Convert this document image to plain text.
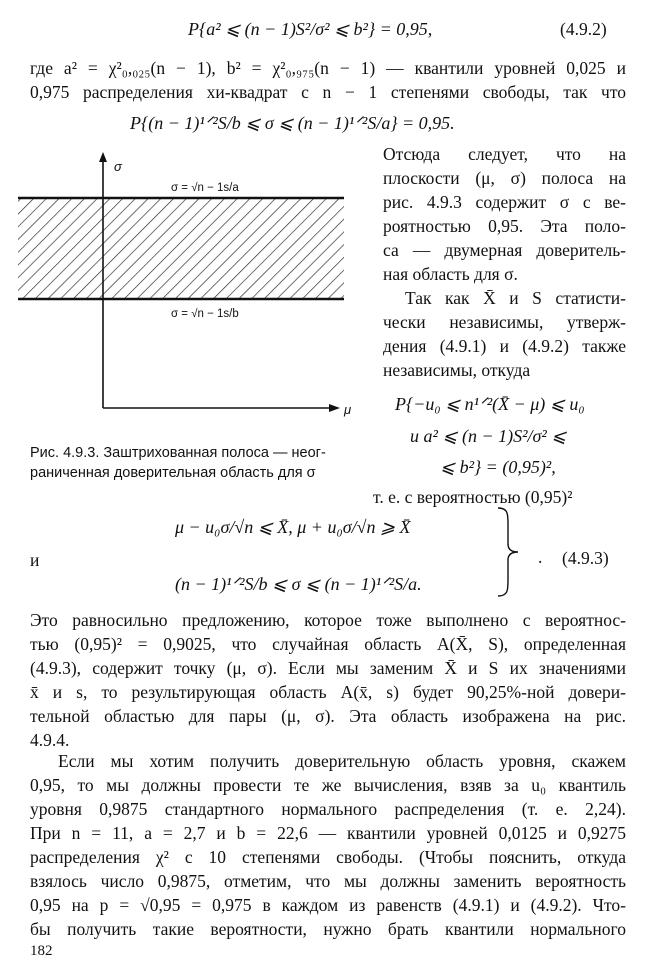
P{a² ⩽ (n − 1)S²/σ² ⩽ b²} = 0,95,	(4.9.2)
где a² = χ²₀,₀₂₅(n − 1), b² = χ²₀,₉₇₅(n − 1) — квантили уровней 0,025 и
0,975 распределения хи-квадрат с n − 1 степенями свободы, так что
P{(n − 1)¹ᐟ²S/b ⩽ σ ⩽ (n − 1)¹ᐟ²S/a} = 0,95.
σ = √n − 1s/a
σ = √n − 1s/b
σ
μ
Рис. 4.9.3. Заштрихованная полоса — неог-
раниченная доверительная область для σ
Отсюда следует, что на
плоскости (μ, σ) полоса на
рис. 4.9.3 содержит σ с ве-
роятностью 0,95. Эта поло-
са — двумерная доверитель-
ная область для σ.
Так как X̄ и S статисти-
чески независимы, утверж-
дения (4.9.1) и (4.9.2) также
независимы, откуда
P{−u₀ ⩽ n¹ᐟ²(X̄ − μ) ⩽ u₀
и a² ⩽ (n − 1)S²/σ² ⩽
⩽ b²} = (0,95)²,
т. е. с вероятностью (0,95)²
и
μ − u₀σ/√n ⩽ X̄, μ + u₀σ/√n ⩾ X̄
(n − 1)¹ᐟ²S/b ⩽ σ ⩽ (n − 1)¹ᐟ²S/a.
. (4.9.3)
Это равносильно предложению, которое тоже выполнено с вероятнос-
тью (0,95)² = 0,9025, что случайная область A(X̄, S), определенная
(4.9.3), содержит точку (μ, σ). Если мы заменим X̄ и S их значениями
x̄ и s, то результирующая область A(x̄, s) будет 90,25%-ной довери-
тельной областью для пары (μ, σ). Эта область изображена на рис.
4.9.4.
Если мы хотим получить доверительную область уровня, скажем
0,95, то мы должны провести те же вычисления, взяв за u₀ квантиль
уровня 0,9875 стандартного нормального распределения (т. е. 2,24).
При n = 11, a = 2,7 и b = 22,6 — квантили уровней 0,0125 и 0,9275
распределения χ² с 10 степенями свободы. (Чтобы пояснить, откуда
взялось число 0,9875, отметим, что мы должны заменить вероятность
0,95 на p = √0,95 = 0,975 в каждом из равенств (4.9.1) и (4.9.2). Что-
бы получить такие вероятности, нужно брать квантили нормального
182
